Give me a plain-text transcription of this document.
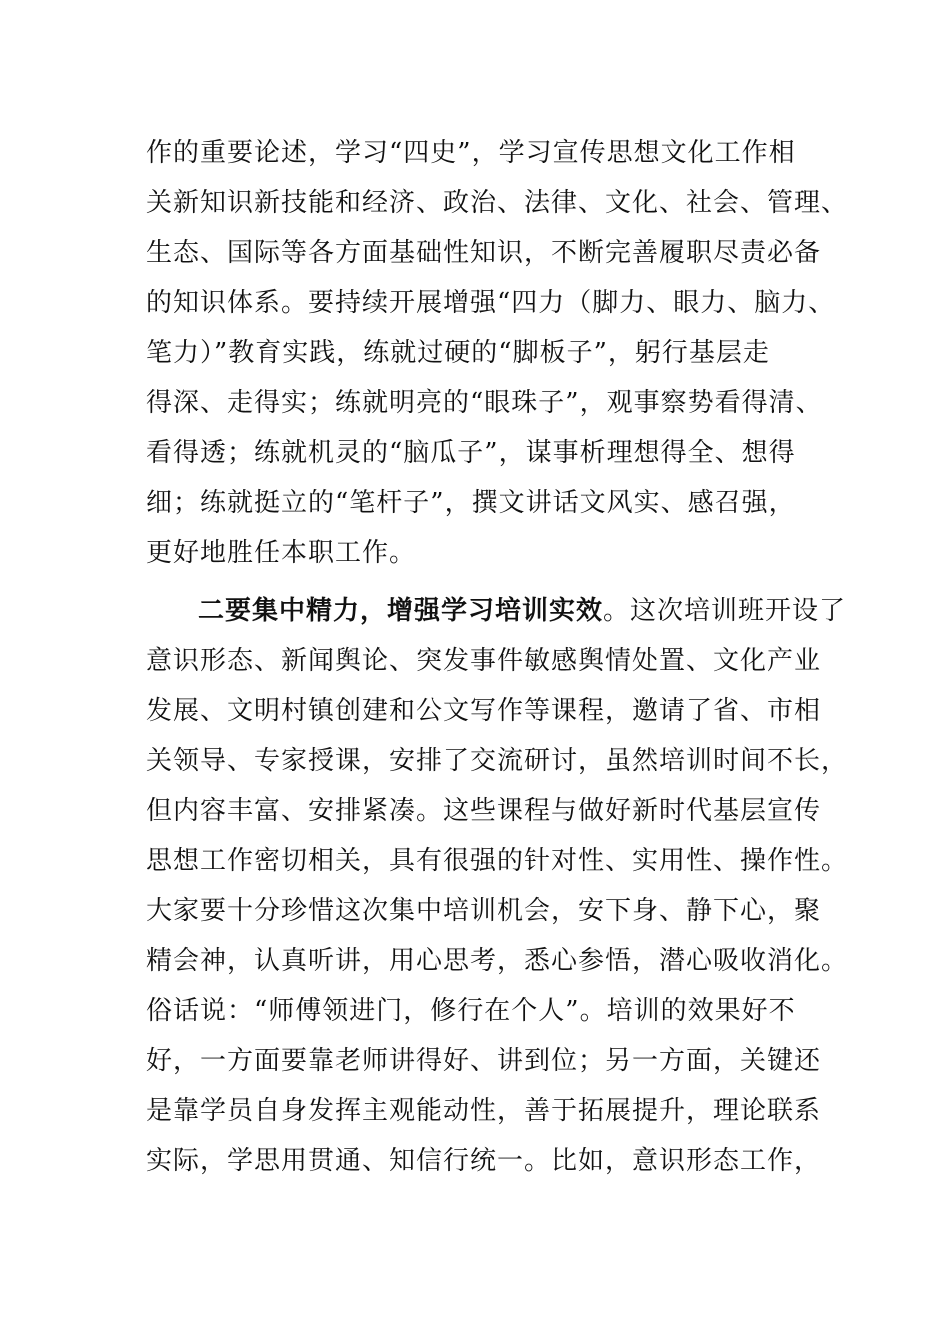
作的重要论述，学习“四史”，学习宣传思想文化工作相
关新知识新技能和经济、政治、法律、文化、社会、管理、
生态、国际等各方面基础性知识，不断完善履职尽责必备
的知识体系。要持续开展增强“四力（脚力、眼力、脑力、
笔力）”教育实践，练就过硬的“脚板子”，躬行基层走
得深、走得实；练就明亮的“眼珠子”，观事察势看得清、
看得透；练就机灵的“脑瓜子”，谋事析理想得全、想得
细；练就挺立的“笔杆子”，撰文讲话文风实、感召强，
更好地胜任本职工作。
二要集中精力，增强学习培训实效。这次培训班开设了
意识形态、新闻舆论、突发事件敏感舆情处置、文化产业
发展、文明村镇创建和公文写作等课程，邀请了省、市相
关领导、专家授课，安排了交流研讨，虽然培训时间不长，
但内容丰富、安排紧凑。这些课程与做好新时代基层宣传
思想工作密切相关，具有很强的针对性、实用性、操作性。
大家要十分珍惜这次集中培训机会，安下身、静下心，聚
精会神，认真听讲，用心思考，悉心参悟，潜心吸收消化。
俗话说：“师傅领进门，修行在个人”。培训的效果好不
好，一方面要靠老师讲得好、讲到位；另一方面，关键还
是靠学员自身发挥主观能动性，善于拓展提升，理论联系
实际，学思用贯通、知信行统一。比如，意识形态工作，
